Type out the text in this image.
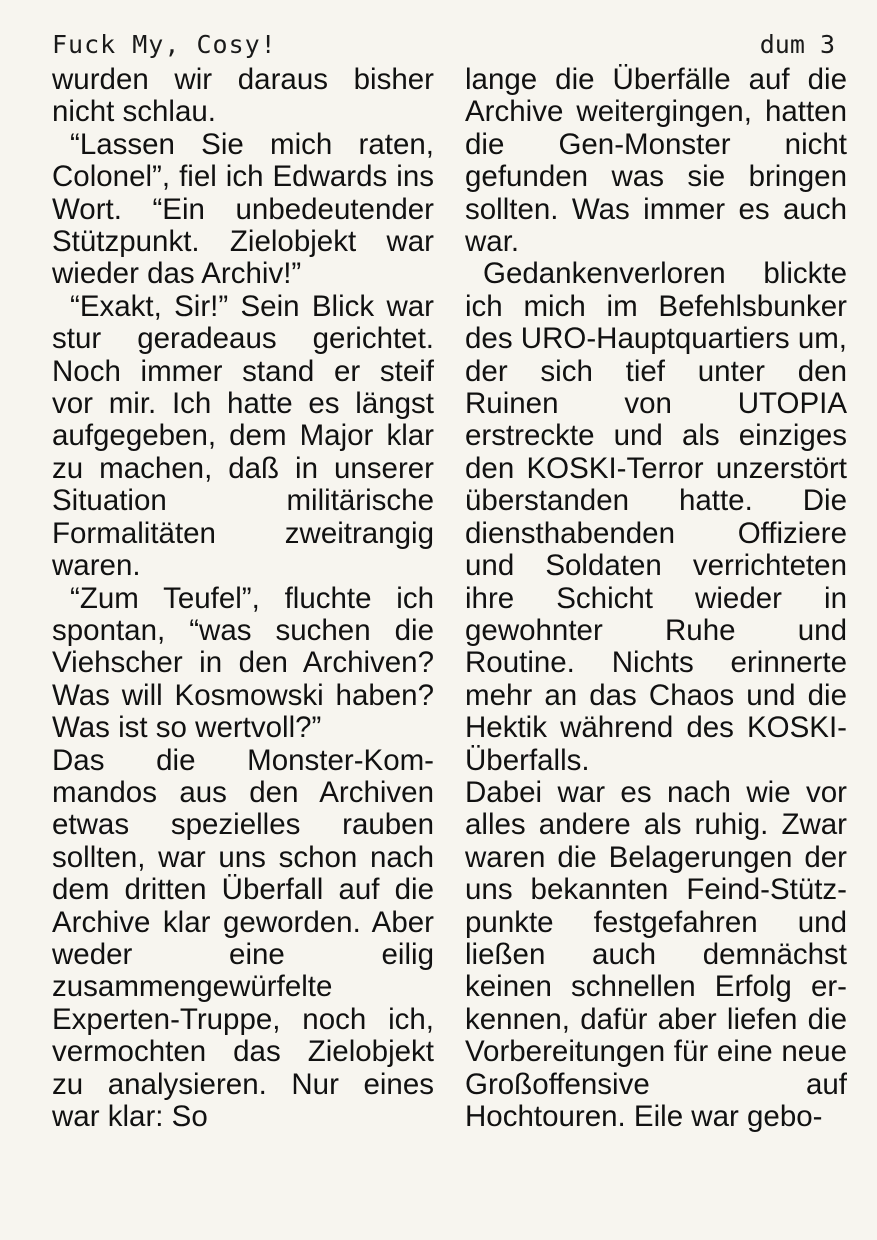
Fuck My, Cosy!	dum 3

wurden wir daraus bisher nicht schlau.

“Lassen Sie mich raten, Colonel”, fiel ich Edwards ins Wort. “Ein unbedeutender Stützpunkt. Zielobjekt war wieder das Archiv!”

“Exakt, Sir!” Sein Blick war stur geradeaus gerichtet. Noch immer stand er steif vor mir. Ich hatte es längst aufgegeben, dem Major klar zu machen, daß in unserer Situation militärische Formalitäten zweitrangig waren.

“Zum Teufel”, fluchte ich spontan, “was suchen die Viehscher in den Archiven? Was will Kosmowski haben? Was ist so wertvoll?”

Das die Monster-Kommandos aus den Archiven etwas spezielles rauben sollten, war uns schon nach dem dritten Überfall auf die Archive klar geworden. Aber weder eine eilig zusammengewürfelte Experten-Truppe, noch ich, vermochten das Zielobjekt zu analysieren. Nur eines war klar: So

lange die Überfälle auf die Archive weitergingen, hatten die Gen-Monster nicht gefunden was sie bringen sollten. Was immer es auch war.

Gedankenverloren blickte ich mich im Befehlsbunker des URO-Hauptquartiers um, der sich tief unter den Ruinen von UTOPIA erstreckte und als einziges den KOSKI-Terror unzerstört überstanden hatte. Die diensthabenden Offiziere und Soldaten verrichteten ihre Schicht wieder in gewohnter Ruhe und Routine. Nichts erinnerte mehr an das Chaos und die Hektik während des KOSKI-Überfalls.

Dabei war es nach wie vor alles andere als ruhig. Zwar waren die Belagerungen der uns bekannten Feind-Stützpunkte festgefahren und ließen auch demnächst keinen schnellen Erfolg erkennen, dafür aber liefen die Vorbereitungen für eine neue Großoffensive auf Hochtouren. Eile war gebo-
